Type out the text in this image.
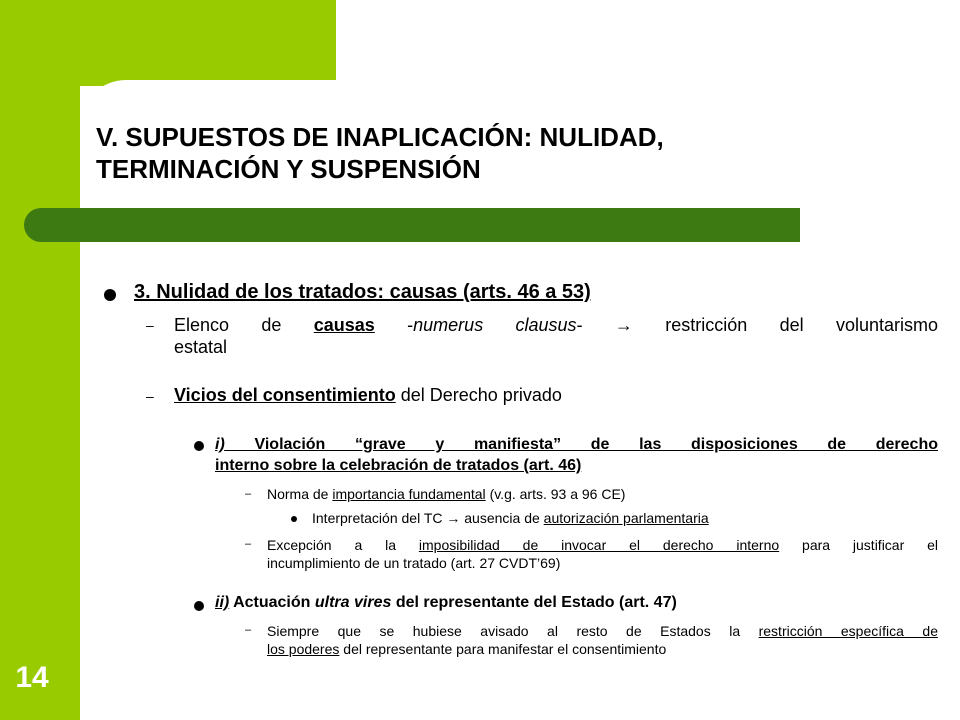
V. SUPUESTOS DE INAPLICACIÓN: NULIDAD,
TERMINACIÓN Y SUSPENSIÓN
3. Nulidad de los tratados: causas (arts. 46 a 53)
– Elenco de causas -numerus clausus- → restricción del voluntarismo
estatal
– Vicios del consentimiento del Derecho privado
i) Violación “grave y manifiesta” de las disposiciones de derecho
interno sobre la celebración de tratados (art. 46)
– Norma de importancia fundamental (v.g. arts. 93 a 96 CE)
Interpretación del TC → ausencia de autorización parlamentaria
– Excepción a la imposibilidad de invocar el derecho interno para justificar el
incumplimiento de un tratado (art. 27 CVDT’69)
ii) Actuación ultra vires del representante del Estado (art. 47)
– Siempre que se hubiese avisado al resto de Estados la restricción específica de
los poderes del representante para manifestar el consentimiento
14
